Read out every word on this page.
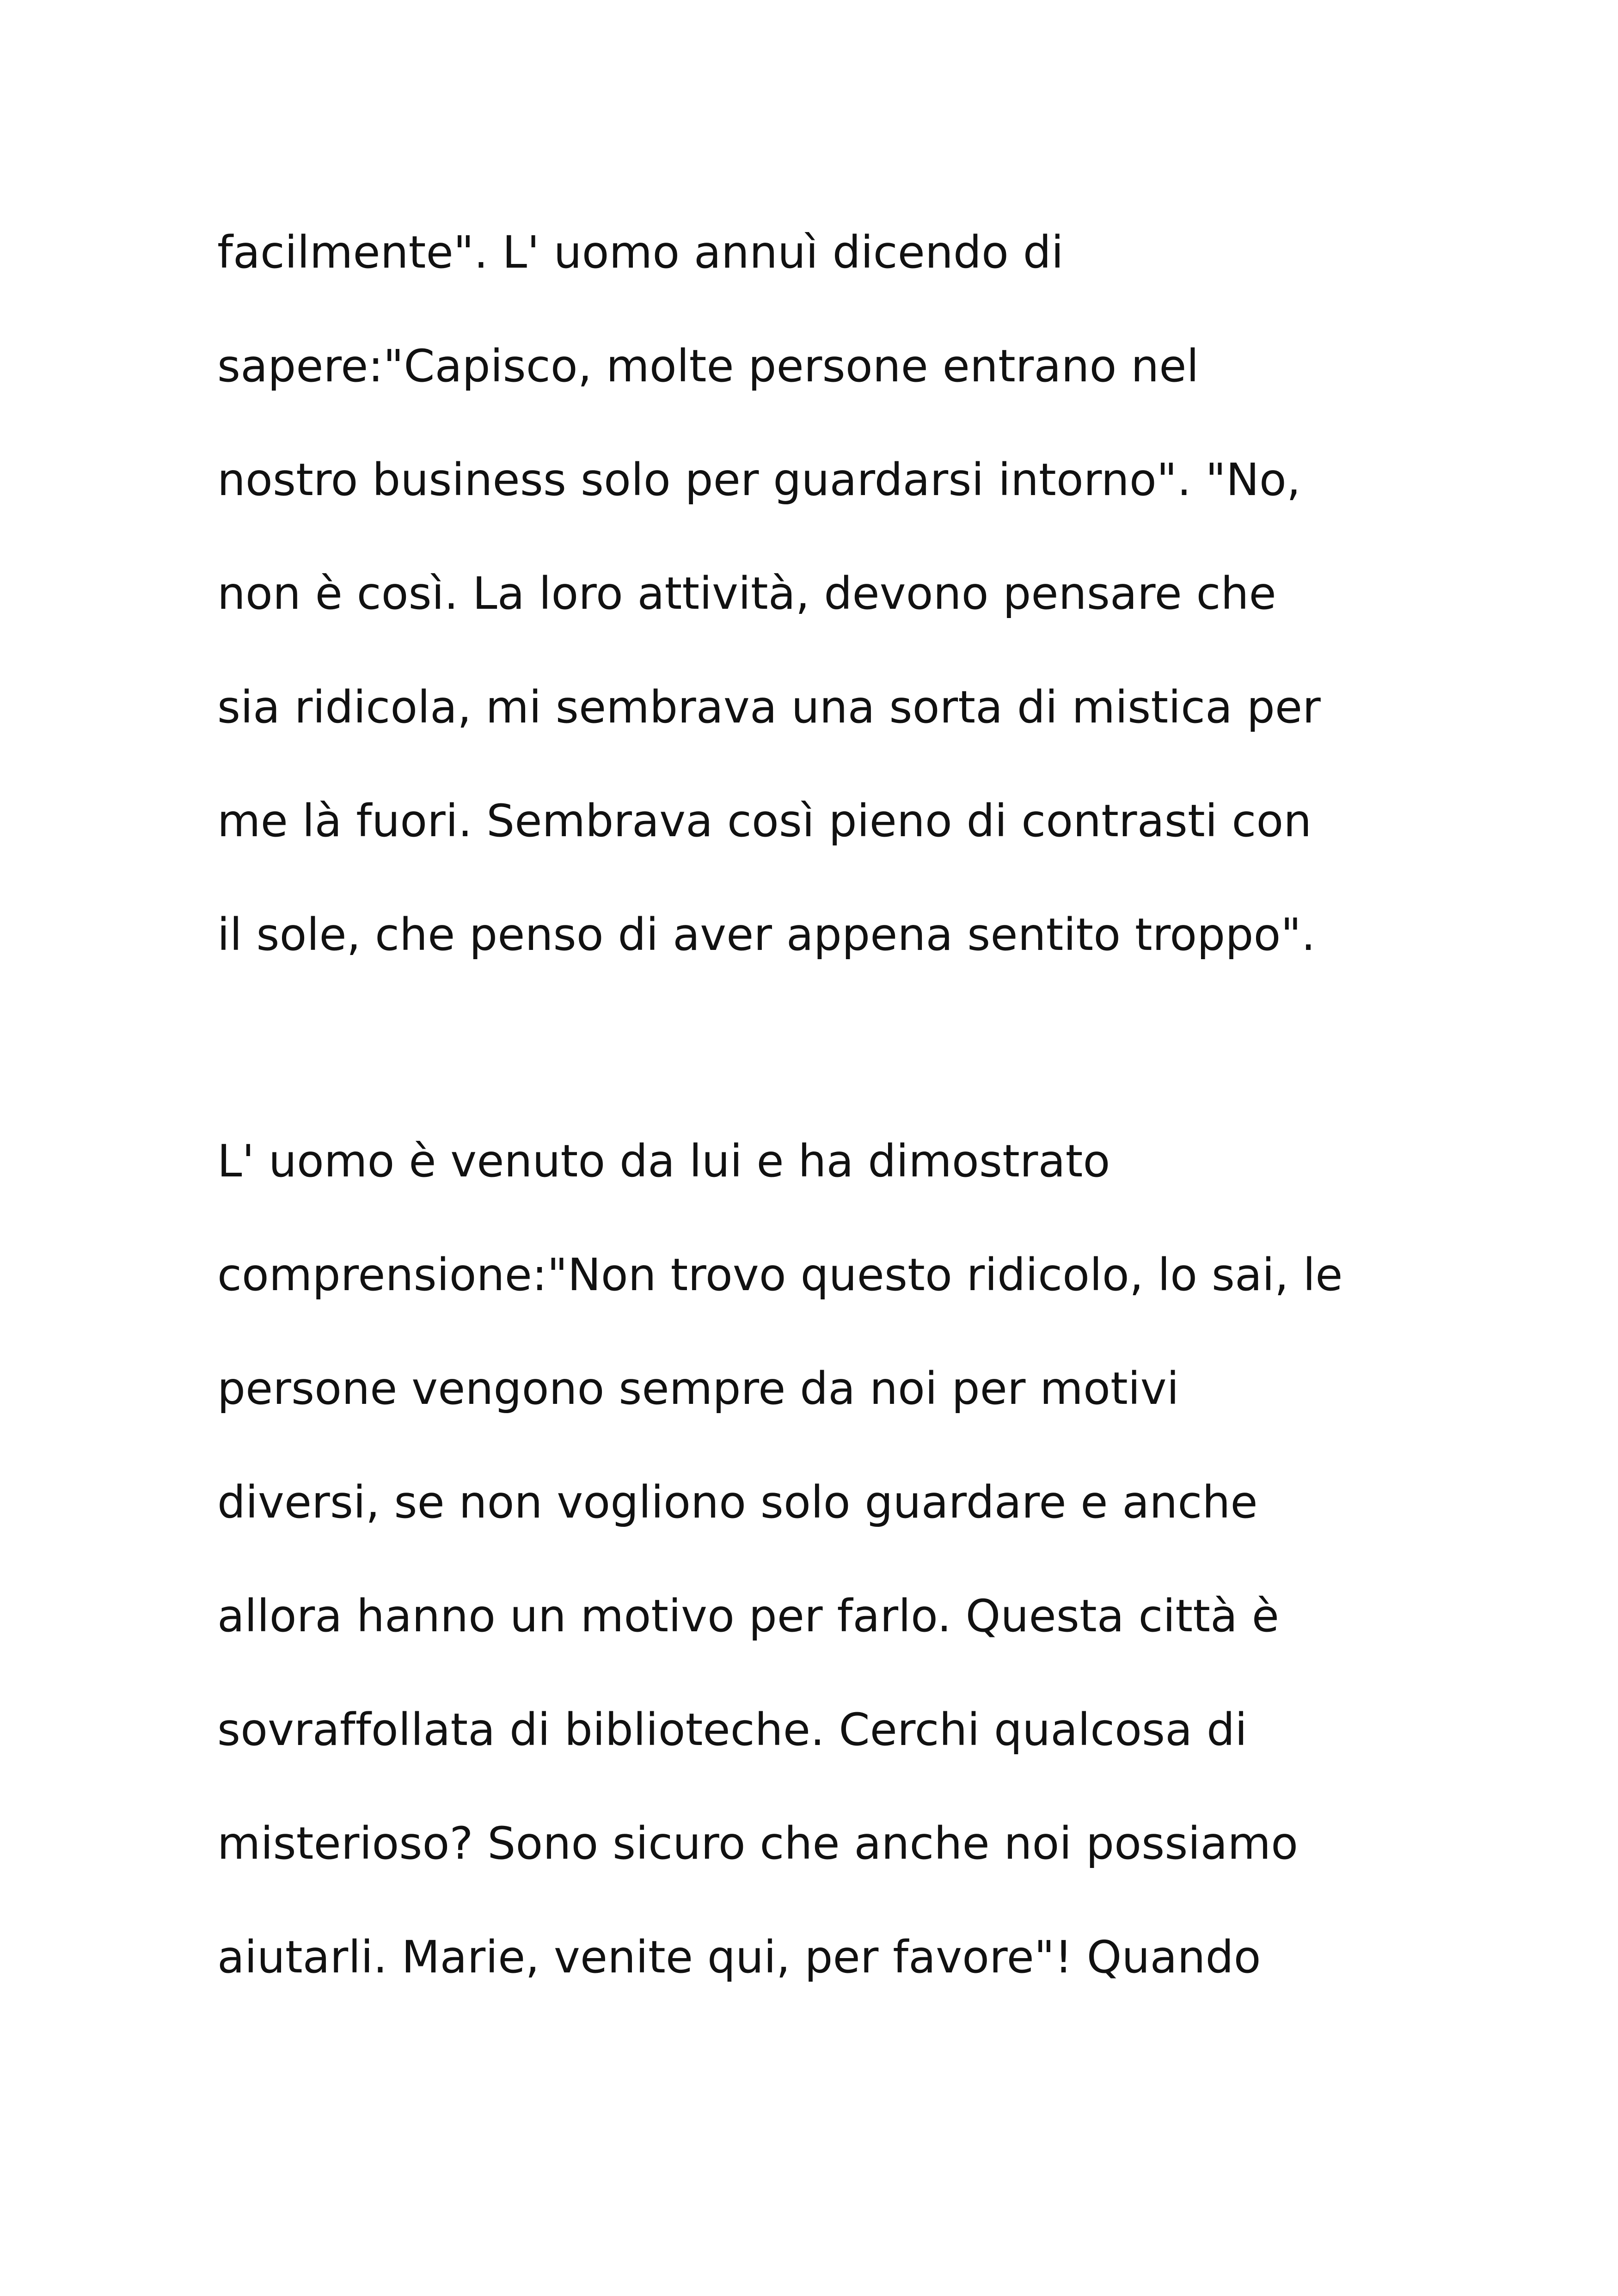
facilmente". L' uomo annuì dicendo di
sapere:"Capisco, molte persone entrano nel
nostro business solo per guardarsi intorno". "No,
non è così. La loro attività, devono pensare che
sia ridicola, mi sembrava una sorta di mistica per
me là fuori. Sembrava così pieno di contrasti con
il sole, che penso di aver appena sentito troppo".
L' uomo è venuto da lui e ha dimostrato
comprensione:"Non trovo questo ridicolo, lo sai, le
persone vengono sempre da noi per motivi
diversi, se non vogliono solo guardare e anche
allora hanno un motivo per farlo. Questa città è
sovraffollata di biblioteche. Cerchi qualcosa di
misterioso? Sono sicuro che anche noi possiamo
aiutarli. Marie, venite qui, per favore"! Quando
